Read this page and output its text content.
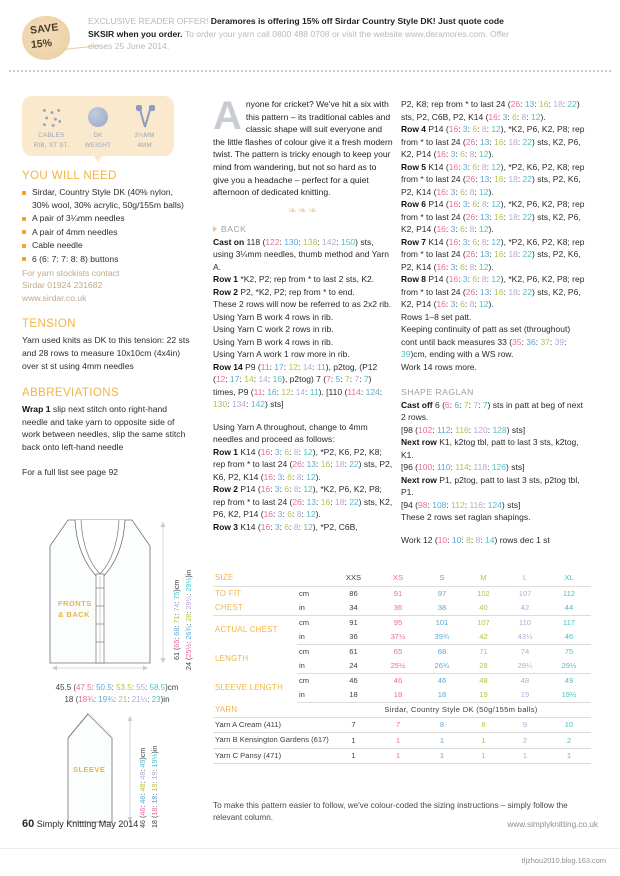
SAVE
15%
EXCLUSIVE READER OFFER! Deramores is offering 15% off Sirdar Country Style DK! Just quote code SKSIR when you order. To order your yarn call 0800 488 0708 or visit the website www.deramores.com. Offer closes 25 June 2014.
CABLES
RIB, ST ST.
DK
WEIGHT
3¼MM
4MM
YOU WILL NEED
Sirdar, Country Style DK (40% nylon, 30% wool, 30% acrylic, 50g/155m balls)
A pair of 3¼mm needles
A pair of 4mm needles
Cable needle
6 (6: 7: 7: 8: 8) buttons
For yarn stockists contact
Sirdar 01924 231682
www.sirdar.co.uk
TENSION
Yarn used knits as DK to this tension: 22 sts and 28 rows to measure 10x10cm (4x4in) over st st using 4mm needles
ABBREVIATIONS
Wrap 1 slip next stitch onto right-hand needle and take yarn to opposite side of work between needles, slip the same stitch back onto left-hand needle
For a full list see page 92
FRONTS
& BACK
61 (65: 68: 71: 74: 75)cm
24 (25½: 26¾: 28: 29¼: 29½)in
45.5 (47.5: 50.5: 53.5: 55: 58.5)cm
18 (18¾: 19¾: 21: 21½: 23)in
SLEEVE
46 (46: 46: 48: 48: 49)cm
18 (18: 18: 19: 19: 19½)in
A nyone for cricket? We've hit a six with this pattern – its traditional cables and classic shape will suit everyone and the little flashes of colour give it a fresh modern twist. The pattern is tricky enough to keep your mind from wandering, but not so hard as to give you a headache – perfect for a quiet afternoon of dedicated knitting.
❧❧❧
BACK

Cast on 118 (122: 130: 138: 142: 150) sts, using 3¼mm needles, thumb method and Yarn A.

Row 1 *K2, P2; rep from * to last 2 sts, K2.

Row 2 P2, *K2, P2; rep from * to end.

These 2 rows will now be referred to as 2x2 rib.

Using Yarn B work 4 rows in rib.

Using Yarn C work 2 rows in rib.

Using Yarn B work 4 rows in rib.

Using Yarn A work 1 row more in rib.

Row 14 P9 (11: 17: 12: 14: 11), p2tog, (P12 (12: 17: 14: 14: 16), p2tog) 7 (7: 5: 7: 7: 7) times, P9 (11: 16: 12: 14: 11). [110 (114: 124: 130: 134: 142) sts]

Using Yarn A throughout, change to 4mm needles and proceed as follows:

Row 1 K14 (16: 3: 6: 8: 12), *P2, K6, P2, K8; rep from * to last 24 (26: 13: 16: 18: 22) sts, P2, K6, P2, K14 (16: 3: 6: 8: 12).

Row 2 P14 (16: 3: 6: 8: 12), *K2, P6, K2, P8; rep from * to last 24 (26: 13: 16: 18: 22) sts, K2, P6, K2, P14 (16: 3: 6: 8: 12).

Row 3 K14 (16: 3: 6: 8: 12), *P2, C6B,

P2, K8; rep from * to last 24 (26: 13: 16: 18: 22) sts, P2, C6B, P2, K14 (16: 3: 6: 8: 12).

Row 4 P14 (16: 3: 6: 8: 12), *K2, P6, K2, P8; rep from * to last 24 (26: 13: 16: 18: 22) sts, K2, P6, K2, P14 (16: 3: 6: 8: 12).

Row 5 K14 (16: 3: 6: 8: 12), *P2, K6, P2, K8; rep from * to last 24 (26: 13: 16: 18: 22) sts, P2, K6, P2, K14 (16: 3: 6: 8: 12).

Row 6 P14 (16: 3: 6: 8: 12), *K2, P6, K2, P8; rep from * to last 24 (26: 13: 16: 18: 22) sts, K2, P6, K2, P14 (16: 3: 6: 8: 12).

Row 7 K14 (16: 3: 6: 8: 12), *P2, K6, P2, K8; rep from * to last 24 (26: 13: 16: 18: 22) sts, P2, K6, P2, K14 (16: 3: 6: 8: 12).

Row 8 P14 (16: 3: 6: 8: 12), *K2, P6, K2, P8; rep from * to last 24 (26: 13: 16: 18: 22) sts, K2, P6, K2, P14 (16: 3: 6: 8: 12).

Rows 1–8 set patt.

Keeping continuity of patt as set (throughout) cont until back measures 33 (35: 36: 37: 39: 39)cm, ending with a WS row.

Work 14 rows more.

SHAPE RAGLAN

Cast off 6 (6: 6: 7: 7: 7) sts in patt at beg of next 2 rows.

[98 (102: 112: 116: 120: 128) sts]

Next row K1, k2tog tbl, patt to last 3 sts, k2tog, K1.

[96 (100: 110: 114: 118: 126) sts]

Next row P1, p2tog, patt to last 3 sts, p2tog tbl, P1.

[94 (98: 108: 112: 116: 124) sts]

These 2 rows set raglan shapings.

Work 12 (10: 10: 8: 8: 14) rows dec 1 st

SIZE		XXS	XS	S	M	L	XL
TO FIT	cm	86	91	97	102	107	112
CHEST	in	34	36	38	40	42	44
ACTUAL CHEST	cm	91	95	101	107	110	117
	in	36	37½	39¾	42	43¼	46
LENGTH	cm	61	65	68	71	74	75
	in	24	25½	26¾	28	29¼	29½
SLEEVE LENGTH	cm	46	46	46	48	48	49
	in	18	18	18	19	19	19½
YARN		Sirdar, Country Style DK (50g/155m balls)					
Yarn A Cream (411)		7	7	8	8	9	10
Yarn B Kensington Gardens (617)		1	1	1	1	2	2
Yarn C Pansy (471)		1	1	1	1	1	1
To make this pattern easier to follow, we've colour-coded the sizing instructions – simply follow the relevant column.
60 Simply Knitting May 2014	www.simplyknitting.co.uk
tljzhou2010.blog.163.com
